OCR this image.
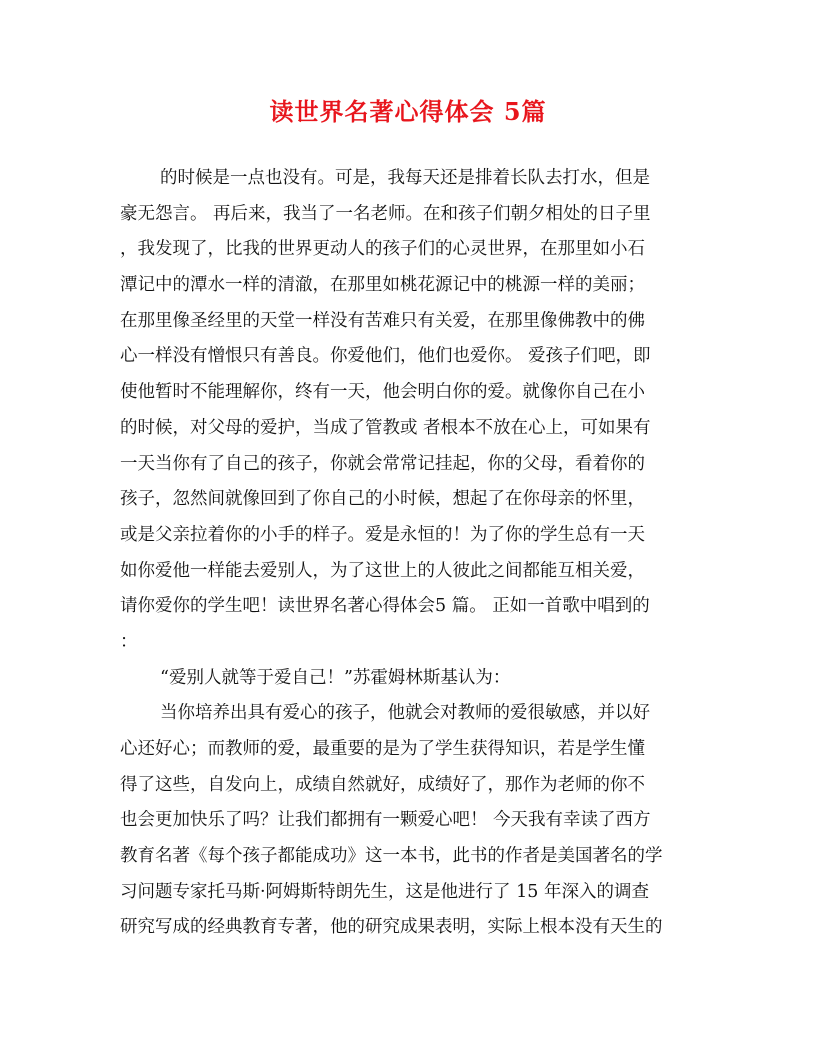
读世界名著心得体会 5篇
的时候是一点也没有。可是，我每天还是排着长队去打水，但是
豪无怨言。 再后来，我当了一名老师。在和孩子们朝夕相处的日子里
，我发现了，比我的世界更动人的孩子们的心灵世界，在那里如小石
潭记中的潭水一样的清澈，在那里如桃花源记中的桃源一样的美丽；
在那里像圣经里的天堂一样没有苦难只有关爱，在那里像佛教中的佛
心一样没有憎恨只有善良。你爱他们，他们也爱你。 爱孩子们吧，即
使他暂时不能理解你，终有一天，他会明白你的爱。就像你自己在小
的时候，对父母的爱护，当成了管教或 者根本不放在心上，可如果有
一天当你有了自己的孩子，你就会常常记挂起，你的父母，看着你的
孩子，忽然间就像回到了你自己的小时候，想起了在你母亲的怀里，
或是父亲拉着你的小手的样子。爱是永恒的！为了你的学生总有一天
如你爱他一样能去爱别人，为了这世上的人彼此之间都能互相关爱，
请你爱你的学生吧！读世界名著心得体会5 篇。 正如一首歌中唱到的
：
“爱别人就等于爱自己！”苏霍姆林斯基认为：
当你培养出具有爱心的孩子，他就会对教师的爱很敏感，并以好
心还好心；而教师的爱，最重要的是为了学生获得知识，若是学生懂
得了这些，自发向上，成绩自然就好，成绩好了，那作为老师的你不
也会更加快乐了吗？让我们都拥有一颗爱心吧！ 今天我有幸读了西方
教育名著《每个孩子都能成功》这一本书，此书的作者是美国著名的学
习问题专家托马斯·阿姆斯特朗先生，这是他进行了 15 年深入的调查
研究写成的经典教育专著，他的研究成果表明，实际上根本没有天生的
